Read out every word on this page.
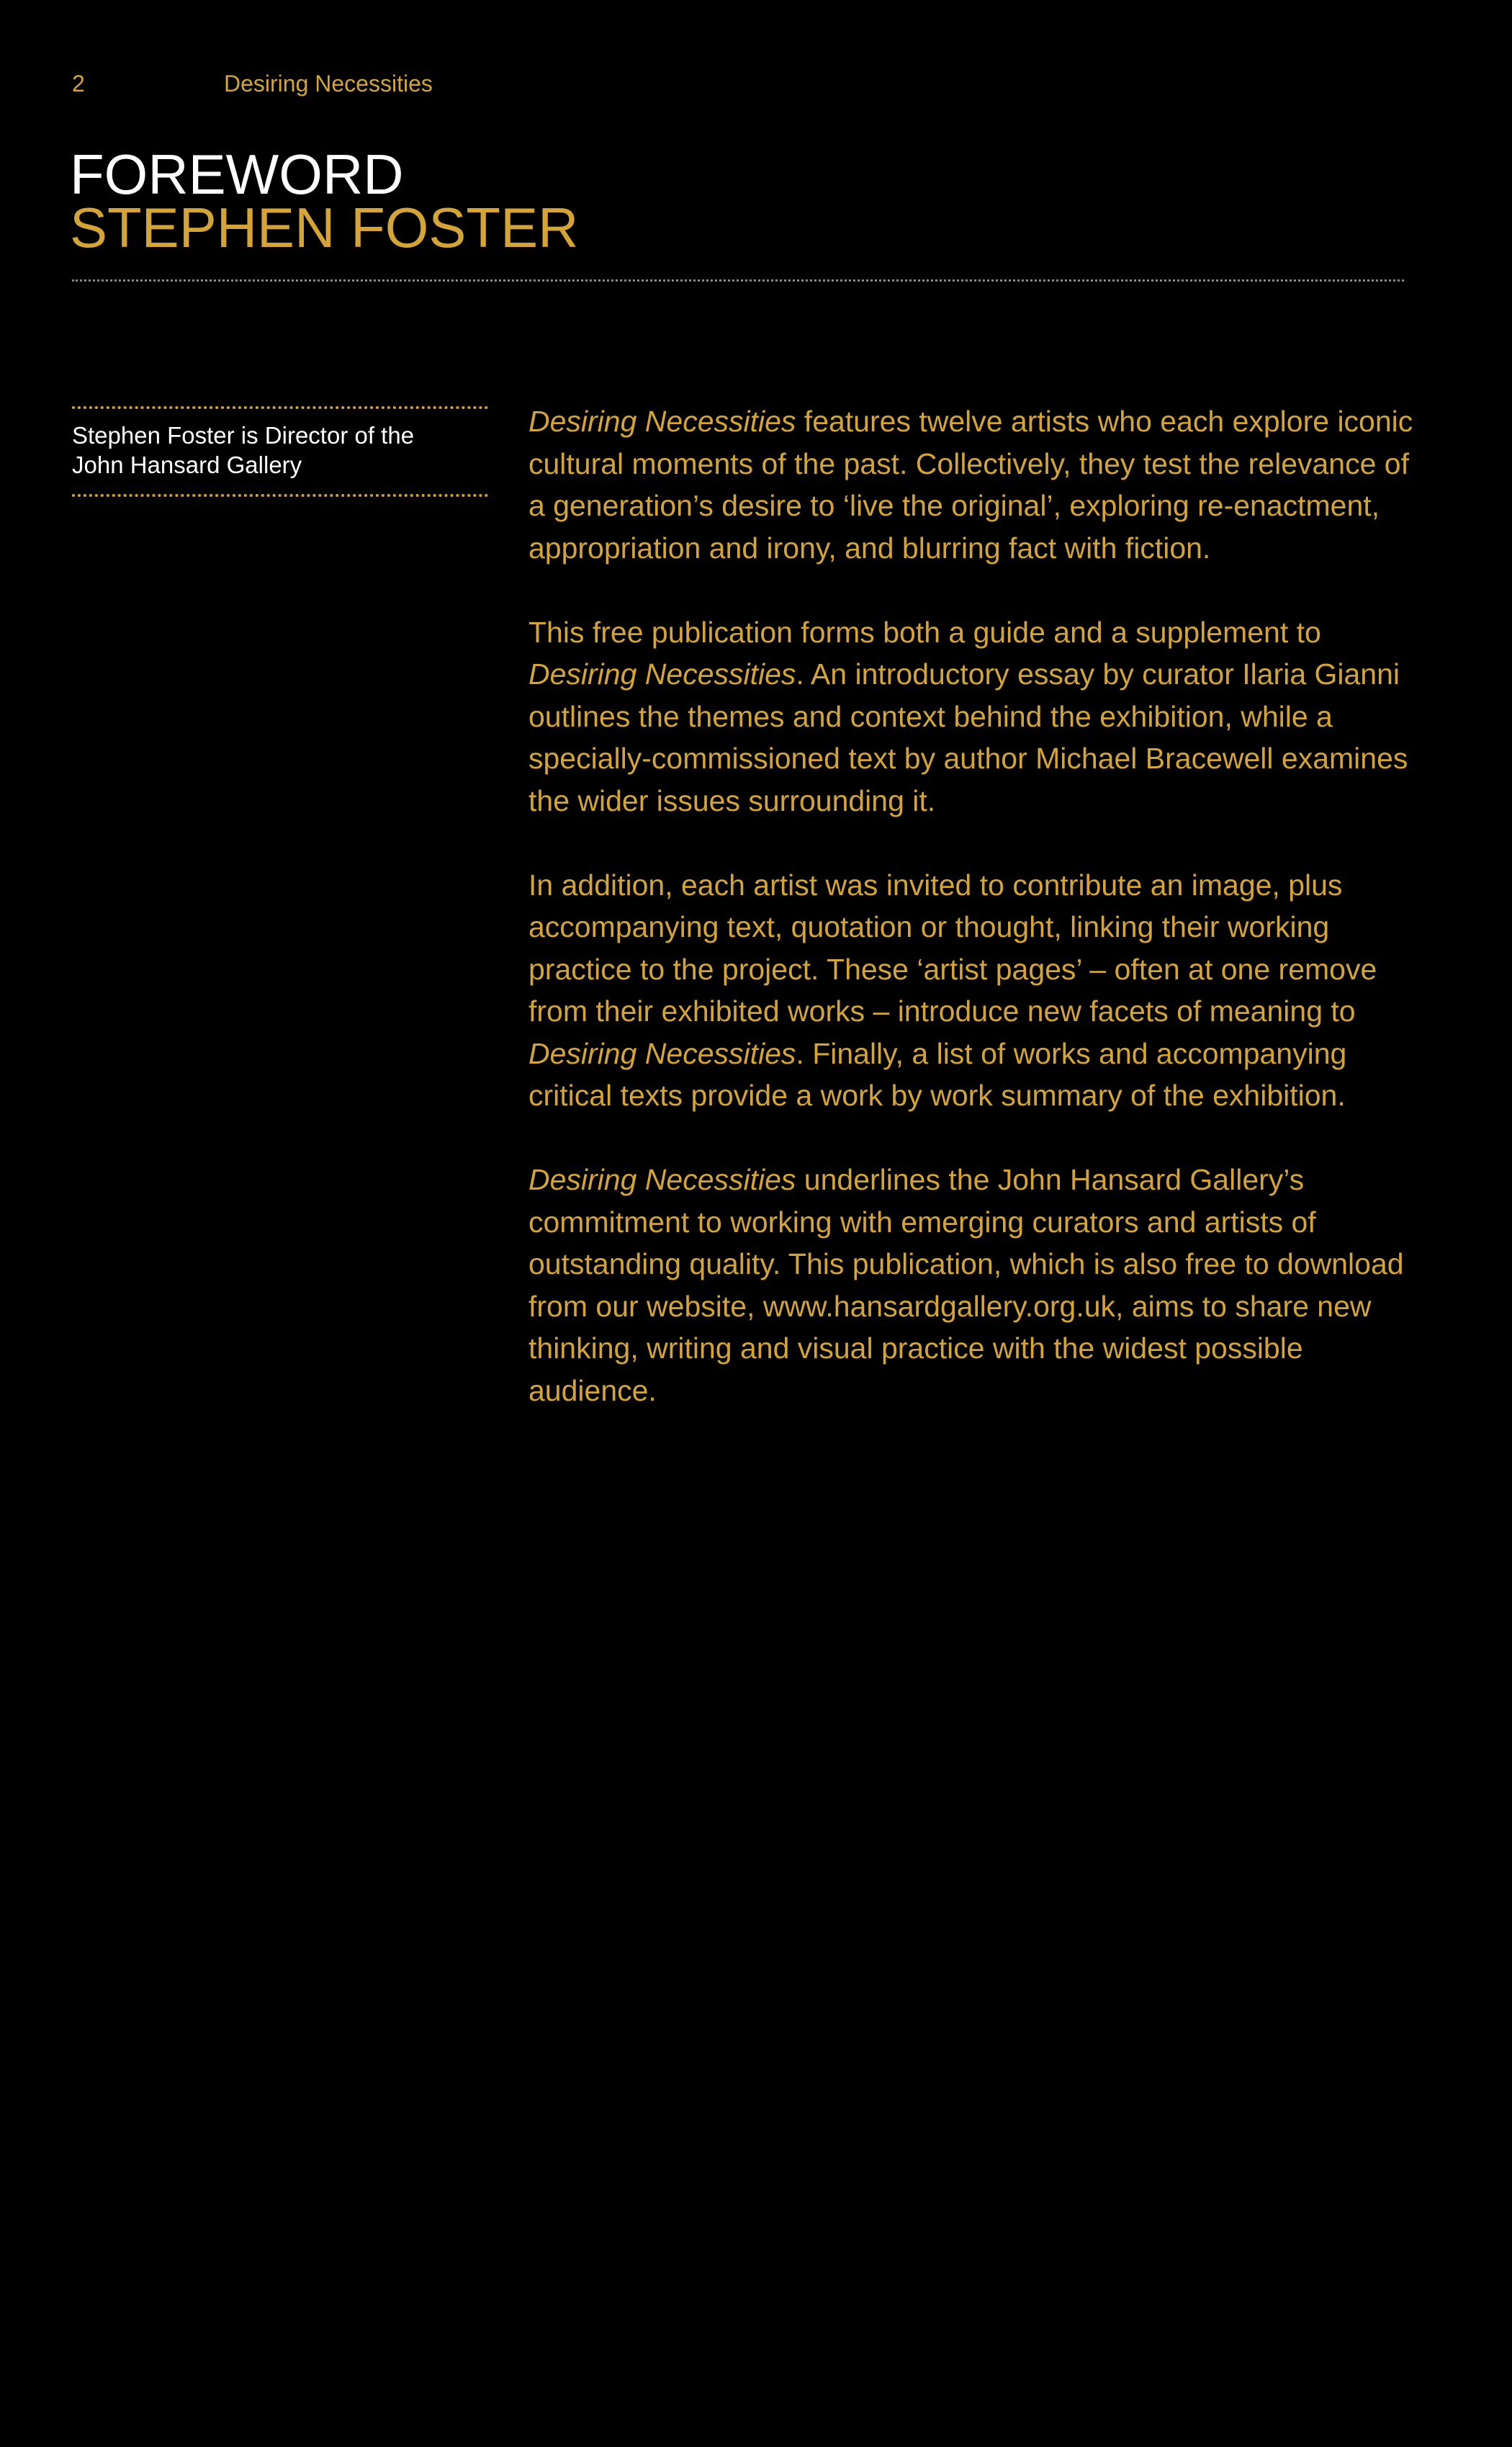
2	Desiring Necessities
FOREWORD
STEPHEN FOSTER

Stephen Foster is Director of the
John Hansard Gallery

Desiring Necessities features twelve artists who each explore iconic cultural moments of the past. Collectively, they test the relevance of a generation’s desire to ‘live the original’, exploring re-enactment, appropriation and irony, and blurring fact with fiction.

This free publication forms both a guide and a supplement to Desiring Necessities. An introductory essay by curator Ilaria Gianni outlines the themes and context behind the exhibition, while a specially-commissioned text by author Michael Bracewell examines the wider issues surrounding it.

In addition, each artist was invited to contribute an image, plus accompanying text, quotation or thought, linking their working practice to the project. These ‘artist pages’ – often at one remove from their exhibited works – introduce new facets of meaning to Desiring Necessities. Finally, a list of works and accompanying critical texts provide a work by work summary of the exhibition.

Desiring Necessities underlines the John Hansard Gallery’s commitment to working with emerging curators and artists of outstanding quality. This publication, which is also free to download from our website, www.hansardgallery.org.uk, aims to share new thinking, writing and visual practice with the widest possible audience.
